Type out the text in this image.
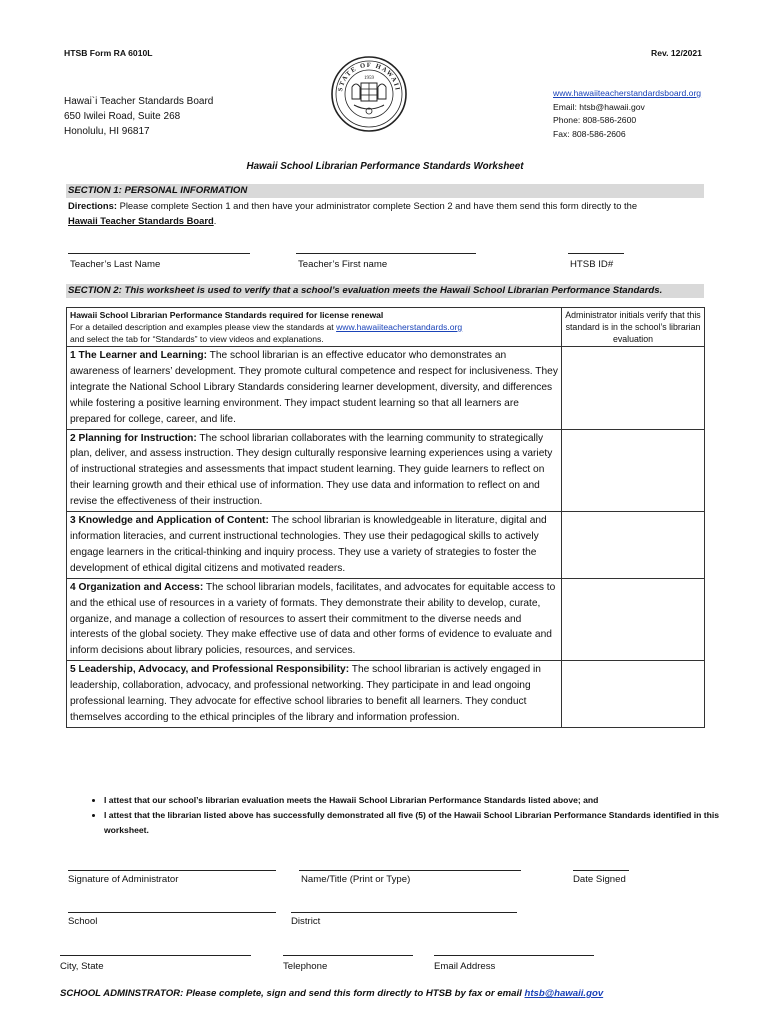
HTSB Form RA 6010L	Rev. 12/2021
Hawai`i Teacher Standards Board
650 Iwilei Road, Suite 268
Honolulu, HI 96817
STATE OF HAWAII
1959
www.hawaiiteacherstandardsboard.org
Email: htsb@hawaii.gov
Phone: 808-586-2600
Fax: 808-586-2606
Hawaii School Librarian Performance Standards Worksheet
SECTION 1: PERSONAL INFORMATION
Directions: Please complete Section 1 and then have your administrator complete Section 2 and have them send this form directly to the Hawaii Teacher Standards Board.
Teacher’s Last Name	Teacher’s First name	HTSB ID#
SECTION 2: This worksheet is used to verify that a school’s evaluation meets the Hawaii School Librarian Performance Standards.
Hawaii School Librarian Performance Standards required for license renewal
For a detailed description and examples please view the standards at www.hawaiiteacherstandards.org
and select the tab for “Standards” to view videos and explanations.	Administrator initials verify that this standard is in the school’s librarian evaluation
1 The Learner and Learning: The school librarian is an effective educator who demonstrates an awareness of learners’ development. They promote cultural competence and respect for inclusiveness. They integrate the National School Library Standards considering learner development, diversity, and differences while fostering a positive learning environment. They impact student learning so that all learners are prepared for college, career, and life.	
2 Planning for Instruction: The school librarian collaborates with the learning community to strategically plan, deliver, and assess instruction. They design culturally responsive learning experiences using a variety of instructional strategies and assessments that impact student learning. They guide learners to reflect on their learning growth and their ethical use of information. They use data and information to reflect on and revise the effectiveness of their instruction.	
3 Knowledge and Application of Content: The school librarian is knowledgeable in literature, digital and information literacies, and current instructional technologies. They use their pedagogical skills to actively engage learners in the critical-thinking and inquiry process. They use a variety of strategies to foster the development of ethical digital citizens and motivated readers.	
4 Organization and Access: The school librarian models, facilitates, and advocates for equitable access to and the ethical use of resources in a variety of formats. They demonstrate their ability to develop, curate, organize, and manage a collection of resources to assert their commitment to the diverse needs and interests of the global society. They make effective use of data and other forms of evidence to evaluate and inform decisions about library policies, resources, and services.	
5 Leadership, Advocacy, and Professional Responsibility: The school librarian is actively engaged in leadership, collaboration, advocacy, and professional networking. They participate in and lead ongoing professional learning. They advocate for effective school libraries to benefit all learners. They conduct themselves according to the ethical principles of the library and information profession.	
• I attest that our school’s librarian evaluation meets the Hawaii School Librarian Performance Standards listed above; and
• I attest that the librarian listed above has successfully demonstrated all five (5) of the Hawaii School Librarian Performance Standards identified in this worksheet.
Signature of Administrator	Name/Title (Print or Type)	Date Signed
School	District
City, State	Telephone	Email Address
SCHOOL ADMINSTRATOR: Please complete, sign and send this form directly to HTSB by fax or email htsb@hawaii.gov
